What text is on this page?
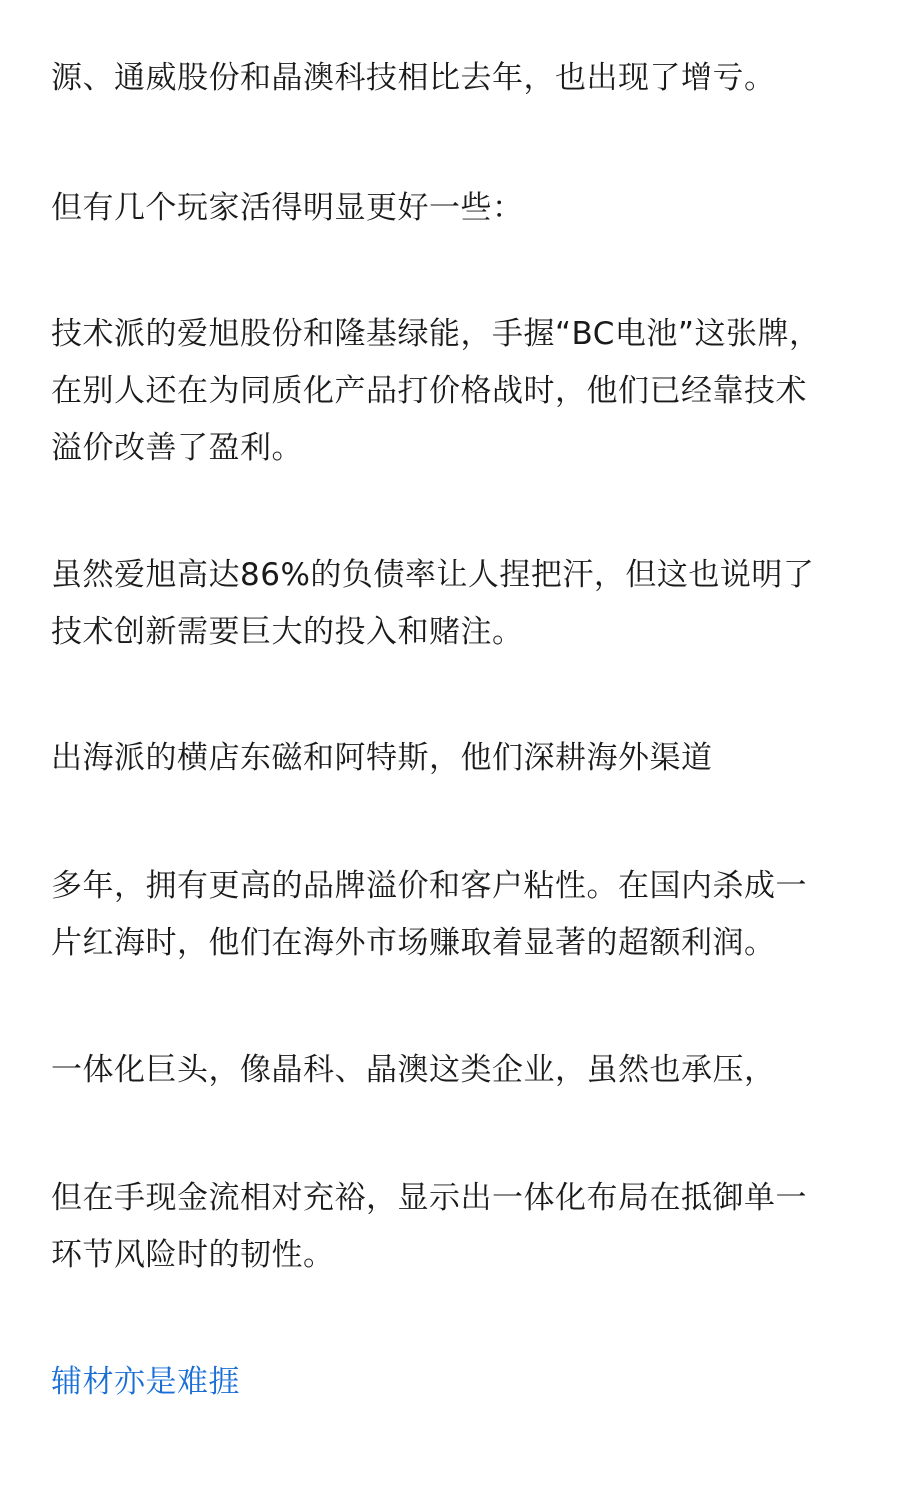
源、通威股份和晶澳科技相比去年，也出现了增亏。

但有几个玩家活得明显更好一些：

技术派的爱旭股份和隆基绿能，手握“BC电池”这张牌，
在别人还在为同质化产品打价格战时，他们已经靠技术
溢价改善了盈利。

虽然爱旭高达86%的负债率让人捏把汗，但这也说明了
技术创新需要巨大的投入和赌注。

出海派的横店东磁和阿特斯，他们深耕海外渠道

多年，拥有更高的品牌溢价和客户粘性。在国内杀成一
片红海时，他们在海外市场赚取着显著的超额利润。

一体化巨头，像晶科、晶澳这类企业，虽然也承压，

但在手现金流相对充裕，显示出一体化布局在抵御单一
环节风险时的韧性。

辅材亦是难捱
